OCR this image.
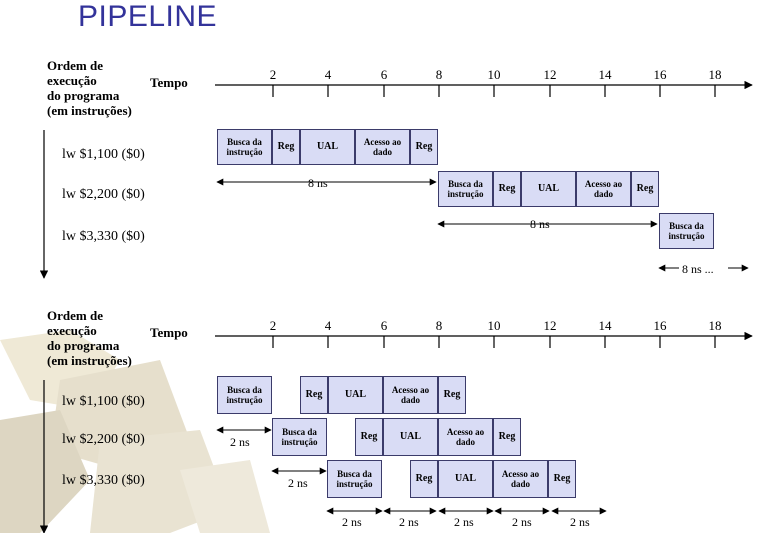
PIPELINE
Ordem de
execução
do programa
(em instruções)
Tempo
2	4	6	8	10	12	14	16	18
lw $1,100 ($0)
lw $2,200 ($0)
lw $3,330 ($0)
Busca da instrução	Reg	UAL	Acesso ao dado	Reg
Busca da instrução	Reg	UAL	Acesso ao dado	Reg
Busca da instrução
8 ns
8 ns
8 ns ...
Ordem de
execução
do programa
(em instruções)
Tempo	2	4	6	8	10	12	14	16	18
lw $1,100 ($0)
lw $2,200 ($0)
lw $3,330 ($0)
Busca da instrução	Reg	UAL	Acesso ao dado	Reg
Busca da instrução	Reg	UAL	Acesso ao dado	Reg
Busca da instrução	Reg	UAL	Acesso ao dado	Reg
2 ns
2 ns
2 ns	2 ns	2 ns	2 ns	2 ns
